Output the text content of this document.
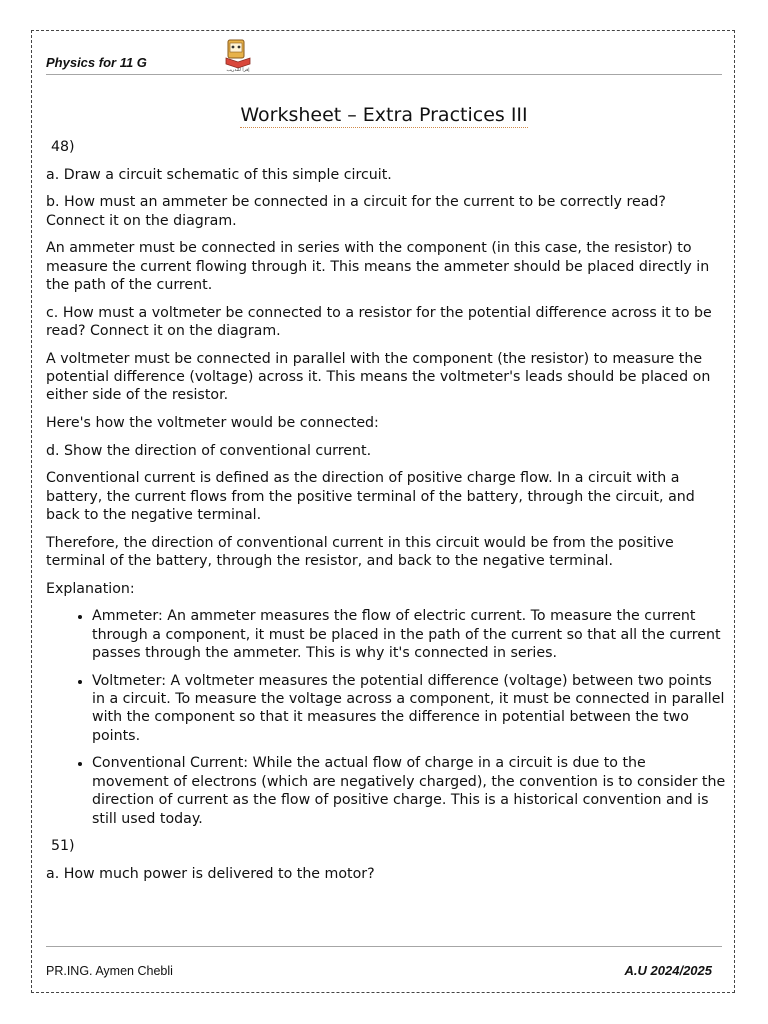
Physics for 11 G
إقرأ للتدريب
Worksheet – Extra Practices III

48)

a. Draw a circuit schematic of this simple circuit.

b. How must an ammeter be connected in a circuit for the current to be correctly read? Connect it on the diagram.

An ammeter must be connected in series with the component (in this case, the resistor) to measure the current flowing through it. This means the ammeter should be placed directly in the path of the current.

c. How must a voltmeter be connected to a resistor for the potential difference across it to be read? Connect it on the diagram.

A voltmeter must be connected in parallel with the component (the resistor) to measure the potential difference (voltage) across it. This means the voltmeter's leads should be placed on either side of the resistor.

Here's how the voltmeter would be connected:

d. Show the direction of conventional current.

Conventional current is defined as the direction of positive charge flow. In a circuit with a battery, the current flows from the positive terminal of the battery, through the circuit, and back to the negative terminal.

Therefore, the direction of conventional current in this circuit would be from the positive terminal of the battery, through the resistor, and back to the negative terminal.

Explanation:

• Ammeter: An ammeter measures the flow of electric current. To measure the current through a component, it must be placed in the path of the current so that all the current passes through the ammeter. This is why it's connected in series.
• Voltmeter: A voltmeter measures the potential difference (voltage) between two points in a circuit. To measure the voltage across a component, it must be connected in parallel with the component so that it measures the difference in potential between the two points.
• Conventional Current: While the actual flow of charge in a circuit is due to the movement of electrons (which are negatively charged), the convention is to consider the direction of current as the flow of positive charge. This is a historical convention and is still used today.

51)

a. How much power is delivered to the motor?

PR.ING. Aymen Chebli	A.U 2024/2025
